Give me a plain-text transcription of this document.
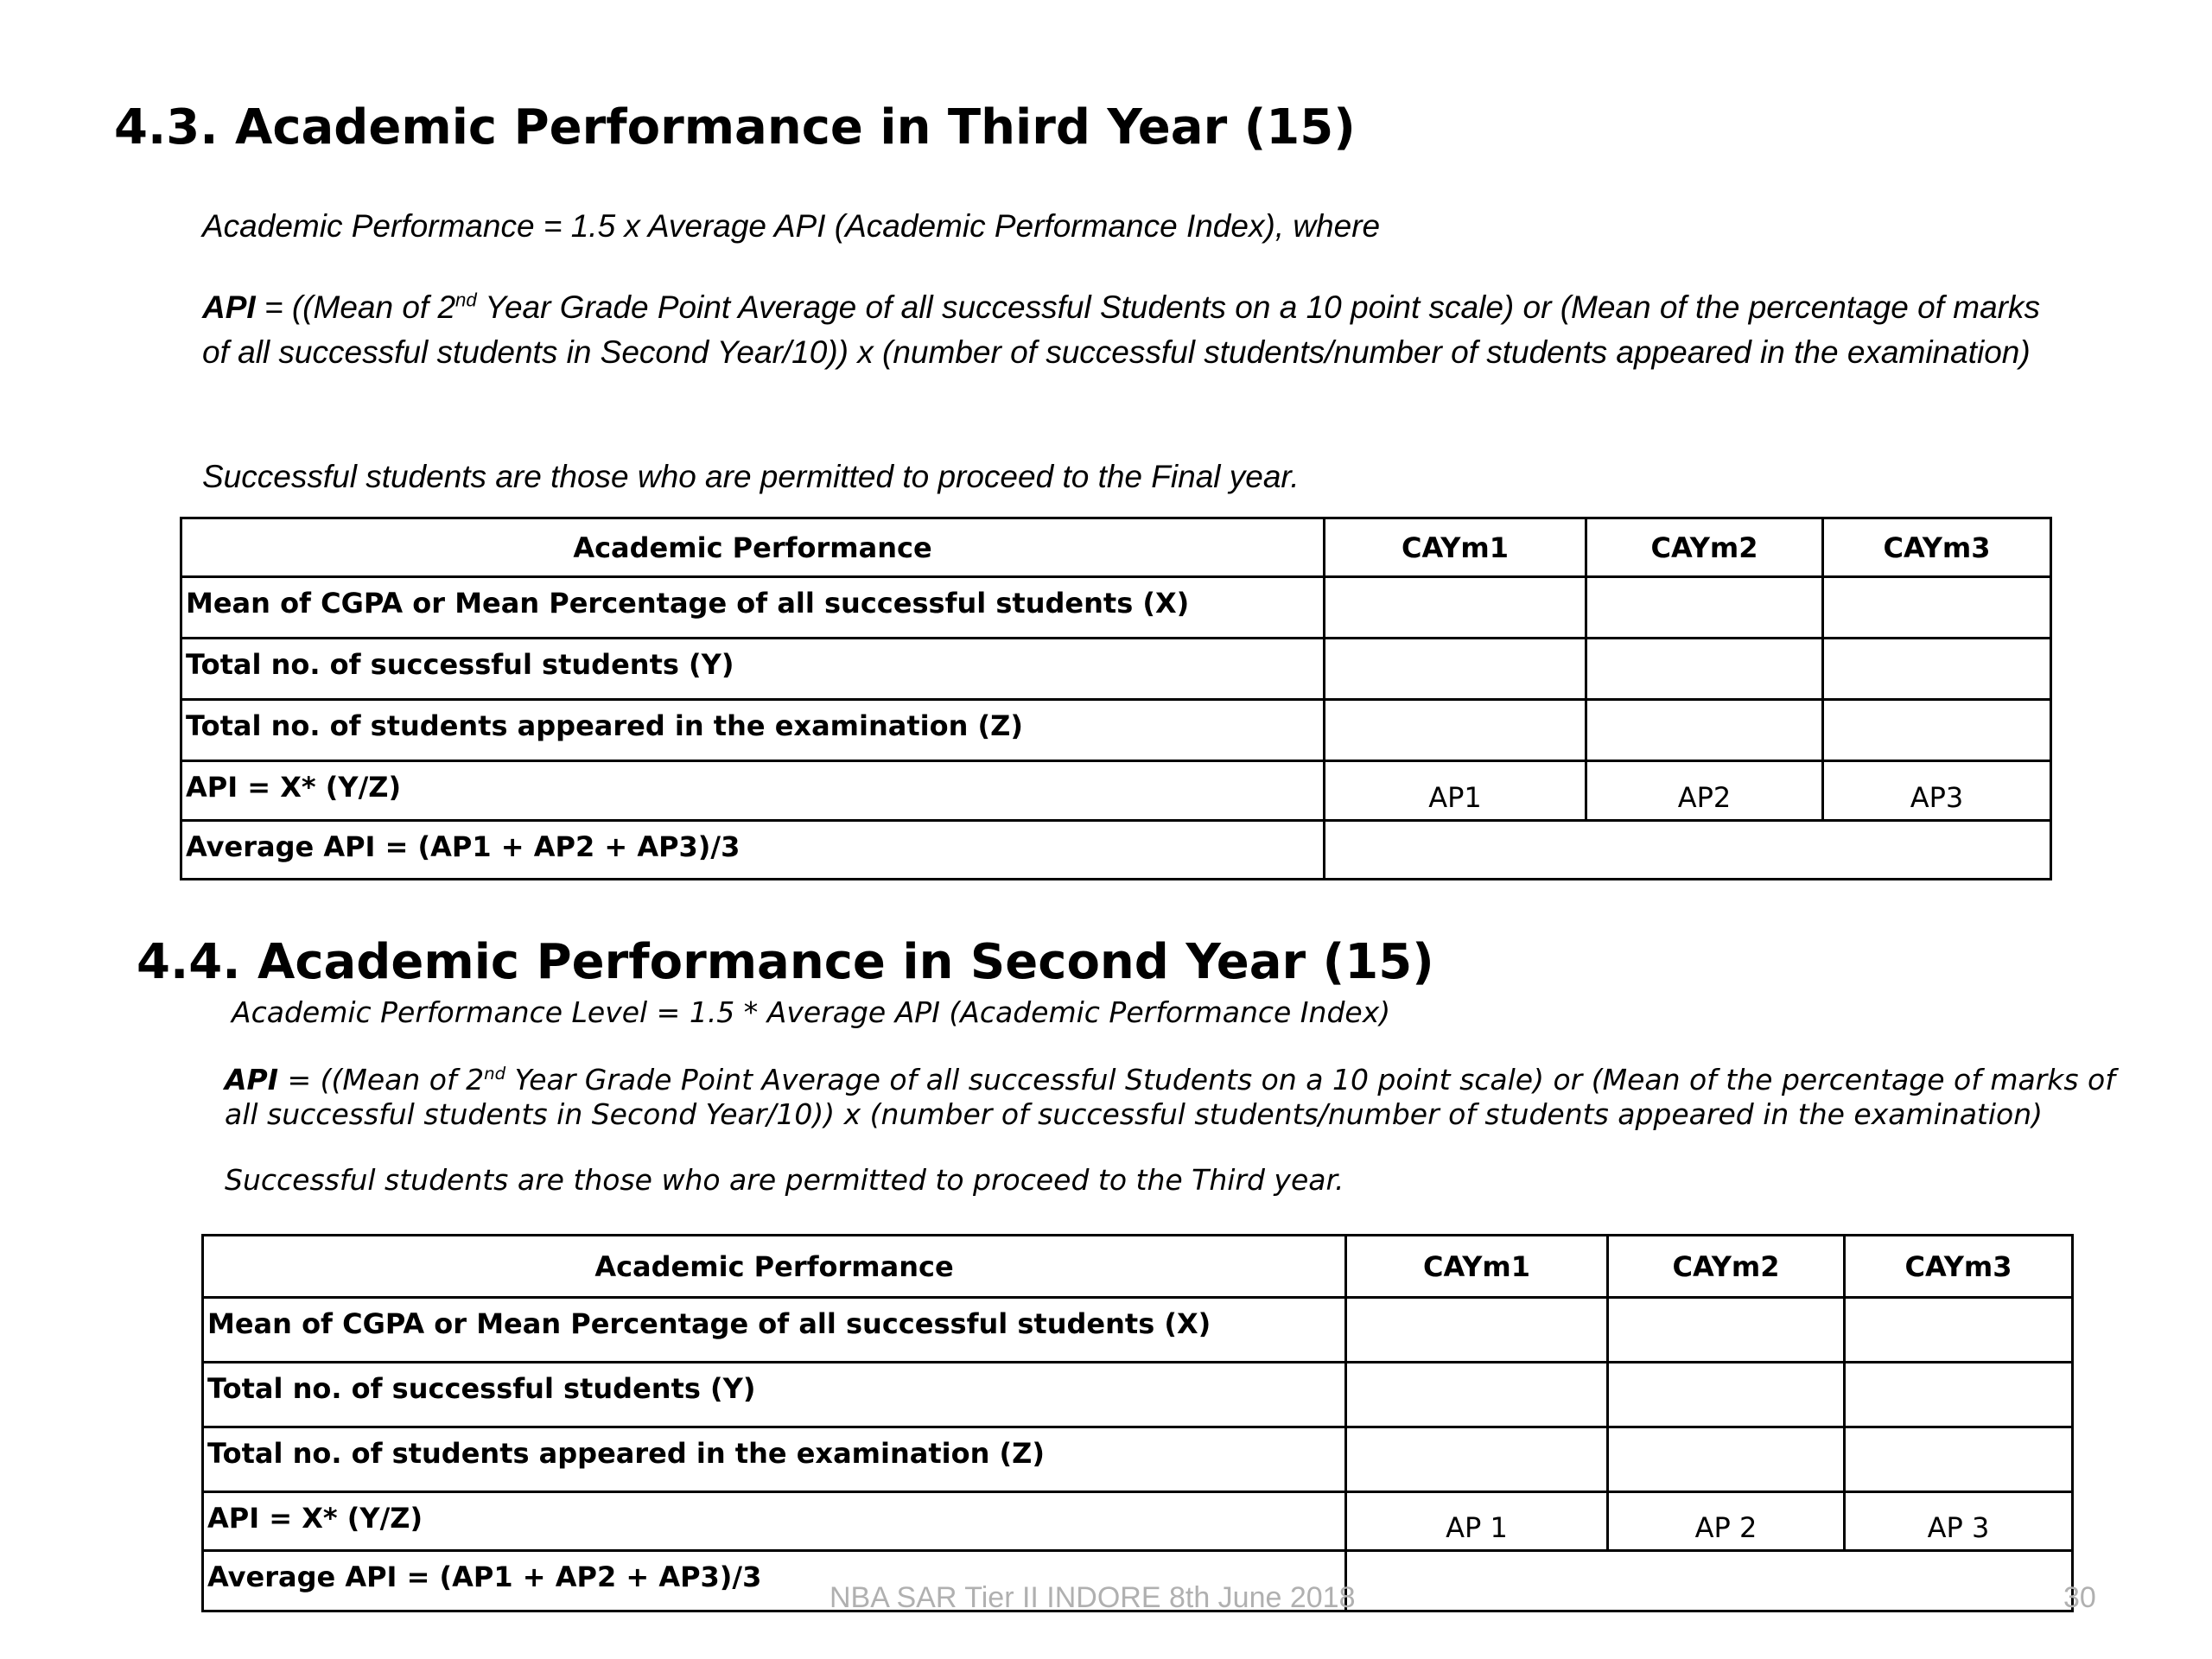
4.3. Academic Performance in Third Year (15)
Academic Performance = 1.5 x Average API (Academic Performance Index), where
API = ((Mean of 2nd Year Grade Point Average of all successful Students on a 10 point scale) or (Mean of the percentage of marks of all successful students in Second Year/10)) x (number of successful students/number of students appeared in the examination)
Successful students are those who are permitted to proceed to the Final year.
Academic Performance	CAYm1	CAYm2	CAYm3
Mean of CGPA or Mean Percentage of all successful students (X)			
Total no. of successful students (Y)			
Total no. of students appeared in the examination (Z)			
API = X* (Y/Z)	AP1	AP2	AP3
Average API = (AP1 + AP2 + AP3)/3			
4.4. Academic Performance in Second Year (15)
Academic Performance Level = 1.5 * Average API (Academic Performance Index)
API = ((Mean of 2nd Year Grade Point Average of all successful Students on a 10 point scale) or (Mean of the percentage of marks of all successful students in Second Year/10)) x (number of successful students/number of students appeared in the examination)
Successful students are those who are permitted to proceed to the Third year.
Academic Performance	CAYm1	CAYm2	CAYm3
Mean of CGPA or Mean Percentage of all successful students (X)			
Total no. of successful students (Y)			
Total no. of students appeared in the examination (Z)			
API = X* (Y/Z)	AP 1	AP 2	AP 3
Average API = (AP1 + AP2 + AP3)/3			
NBA SAR Tier II INDORE 8th June 2018	30
